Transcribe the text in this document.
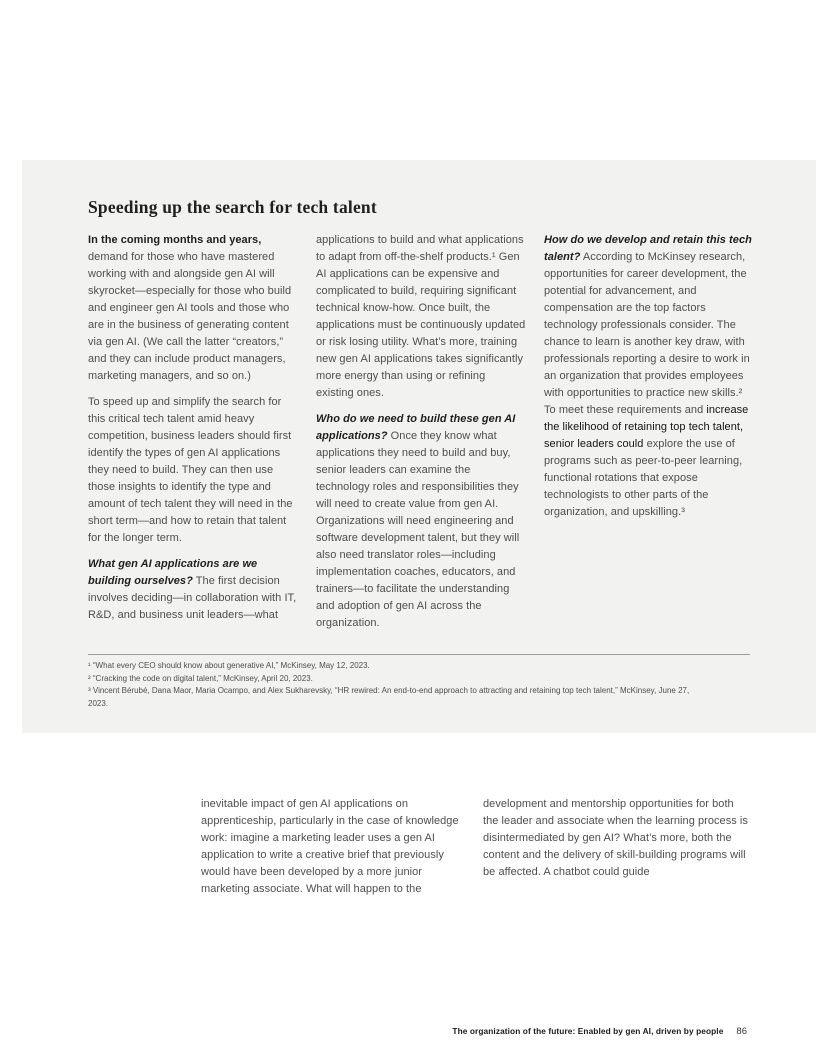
Speeding up the search for tech talent

In the coming months and years, demand for those who have mastered working with and alongside gen AI will skyrocket—especially for those who build and engineer gen AI tools and those who are in the business of generating content via gen AI. (We call the latter “creators,” and they can include product managers, marketing managers, and so on.)

To speed up and simplify the search for this critical tech talent amid heavy competition, business leaders should first identify the types of gen AI applications they need to build. They can then use those insights to identify the type and amount of tech talent they will need in the short term—and how to retain that talent for the longer term.

What gen AI applications are we building ourselves? The first decision involves deciding—in collaboration with IT, R&D, and business unit leaders—what

applications to build and what applications to adapt from off-the-shelf products.¹ Gen AI applications can be expensive and complicated to build, requiring significant technical know-how. Once built, the applications must be continuously updated or risk losing utility. What’s more, training new gen AI applications takes significantly more energy than using or refining existing ones.

Who do we need to build these gen AI applications? Once they know what applications they need to build and buy, senior leaders can examine the technology roles and responsibilities they will need to create value from gen AI. Organizations will need engineering and software development talent, but they will also need translator roles—including implementation coaches, educators, and trainers—to facilitate the understanding and adoption of gen AI across the organization.

How do we develop and retain this tech talent? According to McKinsey research, opportunities for career development, the potential for advancement, and compensation are the top factors technology professionals consider. The chance to learn is another key draw, with professionals reporting a desire to work in an organization that provides employees with opportunities to practice new skills.² To meet these requirements and increase the likelihood of retaining top tech talent, senior leaders could explore the use of programs such as peer-to-peer learning, functional rotations that expose technologists to other parts of the organization, and upskilling.³

¹ “What every CEO should know about generative AI,” McKinsey, May 12, 2023.
² “Cracking the code on digital talent,” McKinsey, April 20, 2023.
³ Vincent Bérubé, Dana Maor, Maria Ocampo, and Alex Sukharevsky, “HR rewired: An end-to-end approach to attracting and retaining top tech talent,” McKinsey, June 27, 2023.
inevitable impact of gen AI applications on apprenticeship, particularly in the case of knowledge work: imagine a marketing leader uses a gen AI application to write a creative brief that previously would have been developed by a more junior marketing associate. What will happen to the
development and mentorship opportunities for both the leader and associate when the learning process is disintermediated by gen AI? What’s more, both the content and the delivery of skill-building programs will be affected. A chatbot could guide
The organization of the future: Enabled by gen AI, driven by people 86
